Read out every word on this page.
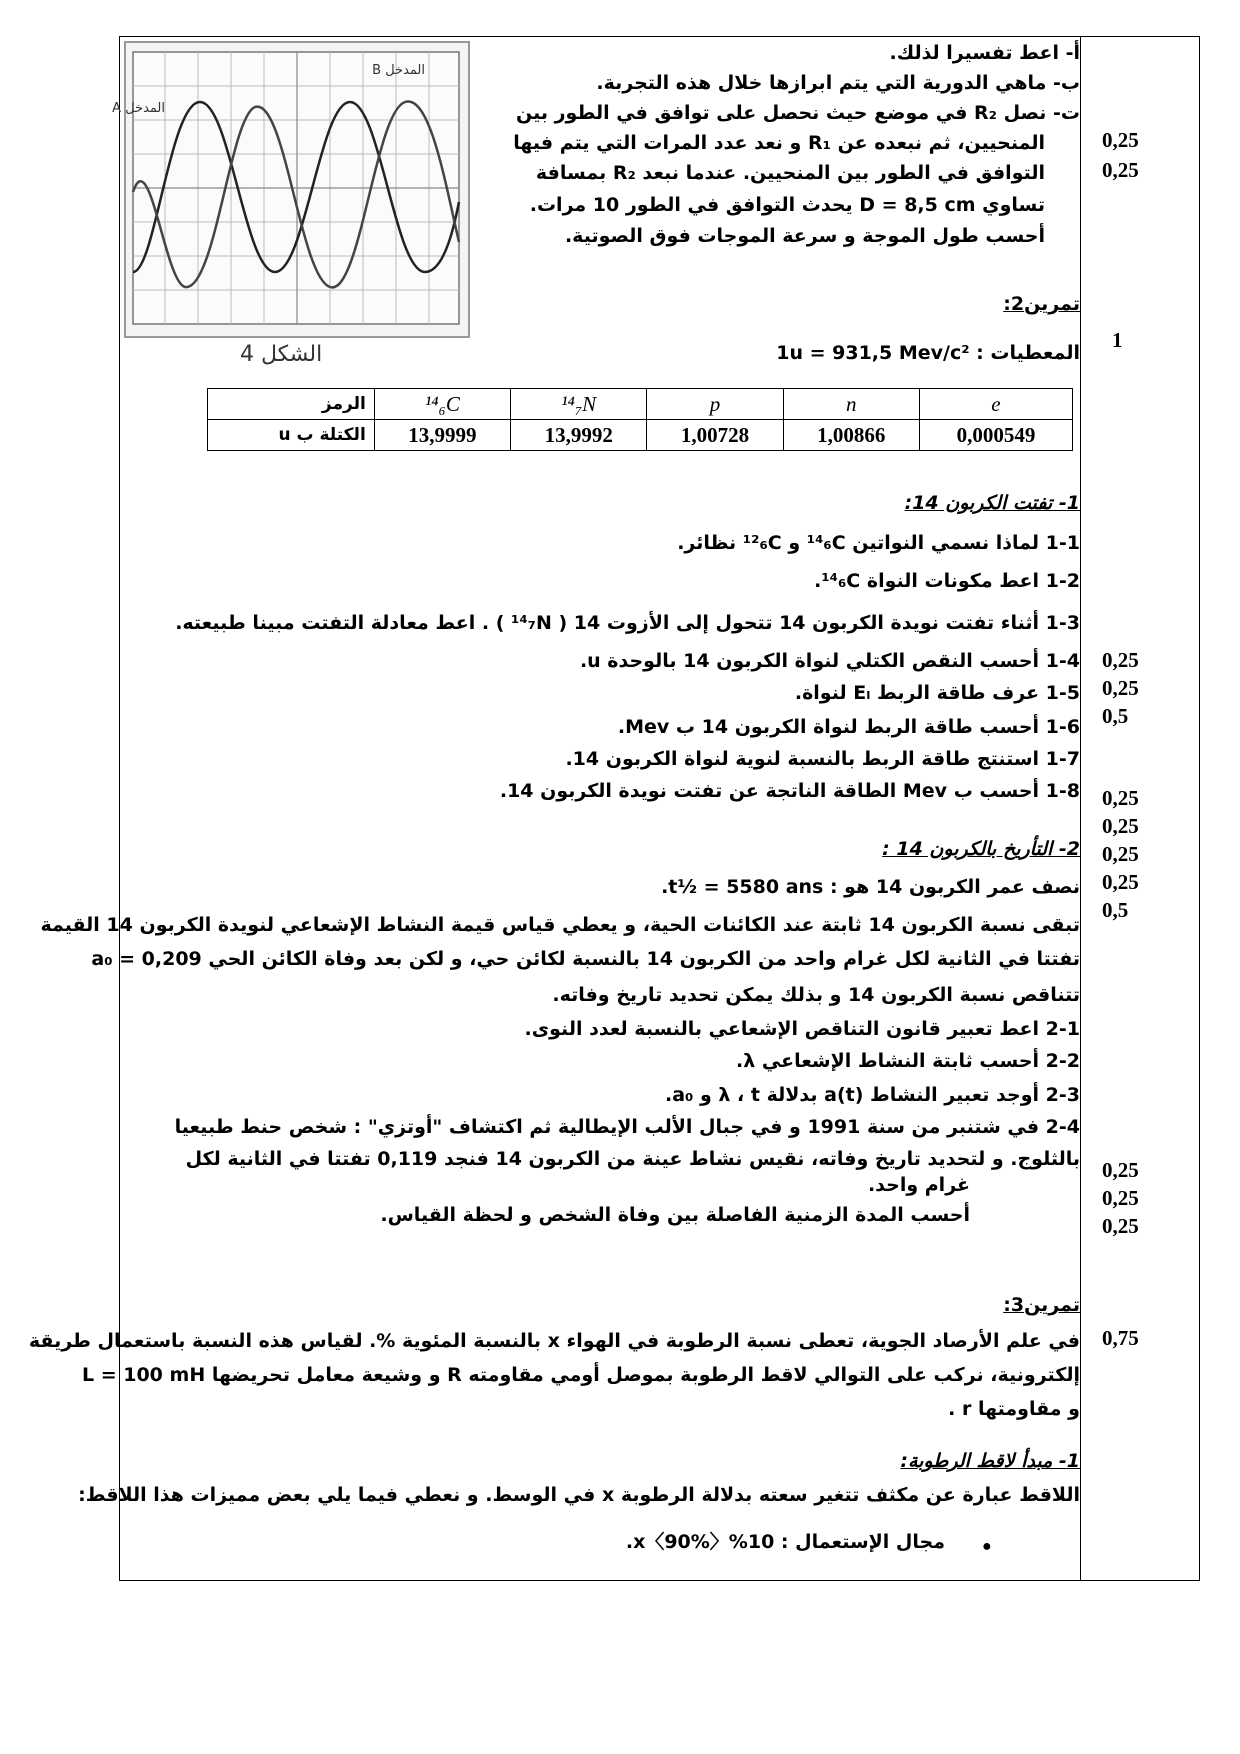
المدخل A
المدخل B
الشكل 4
أ- اعط تفسيرا لذلك.
ب- ماهي الدورية التي يتم ابرازها خلال هذه التجربة.
ت- نصل R₂ في موضع حيث نحصل على توافق في الطور بين
المنحيين، ثم نبعده عن R₁ و نعد عدد المرات التي يتم فيها
التوافق في الطور بين المنحيين. عندما نبعد R₂ بمسافة
تساوي D = 8,5 cm يحدث التوافق في الطور 10 مرات.
أحسب طول الموجة و سرعة الموجات فوق الصوتية.
تمرين2:
المعطيات : 1u = 931,5 Mev/c²
الرمز	¹⁴₆C	¹⁴₇N	p	n	e
الكتلة ب u	13,9999	13,9992	1,00728	1,00866	0,000549
1- تفتت الكربون 14:
1-1 لماذا نسمي النواتين ¹⁴₆C و ¹²₆C نظائر.
1-2 اعط مكونات النواة ¹⁴₆C.
1-3 أثناء تفتت نويدة الكربون 14 تتحول إلى الأزوت 14 ( ¹⁴₇N ) . اعط معادلة التفتت مبينا طبيعته.
1-4 أحسب النقص الكتلي لنواة الكربون 14 بالوحدة u.
1-5 عرف طاقة الربط Eₗ لنواة.
1-6 أحسب طاقة الربط لنواة الكربون 14 ب Mev.
1-7 استنتج طاقة الربط بالنسبة لنوية لنواة الكربون 14.
1-8 أحسب ب Mev الطاقة الناتجة عن تفتت نويدة الكربون 14.
2- التأريخ بالكربون 14 :
نصف عمر الكربون 14 هو : t½ = 5580 ans.
تبقى نسبة الكربون 14 ثابتة عند الكائنات الحية، و يعطي قياس قيمة النشاط الإشعاعي لنويدة الكربون 14 القيمة
a₀ = 0,209 تفتتا في الثانية لكل غرام واحد من الكربون 14 بالنسبة لكائن حي، و لكن بعد وفاة الكائن الحي
تتناقص نسبة الكربون 14 و بذلك يمكن تحديد تاريخ وفاته.
2-1 اعط تعبير قانون التناقص الإشعاعي بالنسبة لعدد النوى.
2-2 أحسب ثابتة النشاط الإشعاعي λ.
2-3 أوجد تعبير النشاط a(t) بدلالة λ ، t و a₀.
2-4 في شتنبر من سنة 1991 و في جبال الألب الإيطالية ثم اكتشاف "أوتزي" : شخص حنط طبيعيا
بالثلوج. و لتحديد تاريخ وفاته، نقيس نشاط عينة من الكربون 14 فنجد 0,119 تفتتا في الثانية لكل
غرام واحد.
أحسب المدة الزمنية الفاصلة بين وفاة الشخص و لحظة القياس.
تمرين3:
في علم الأرصاد الجوية، تعطى نسبة الرطوبة في الهواء x بالنسبة المئوية %. لقياس هذه النسبة باستعمال طريقة
إلكترونية، نركب على التوالي لاقط الرطوبة بموصل أومي مقاومته R و وشيعة معامل تحريضها L = 100 mH
و مقاومتها r .
1- مبدأ لاقط الرطوبة:
اللاقط عبارة عن مكثف تتغير سعته بدلالة الرطوبة x في الوسط. و نعطي فيما يلي بعض مميزات هذا اللاقط:
●
مجال الإستعمال : 10%〈x〈90%.
0,25
0,25
1
0,25
0,25
0,5
0,25
0,25
0,25
0,25
0,5
0,25
0,25
0,25
0,75
